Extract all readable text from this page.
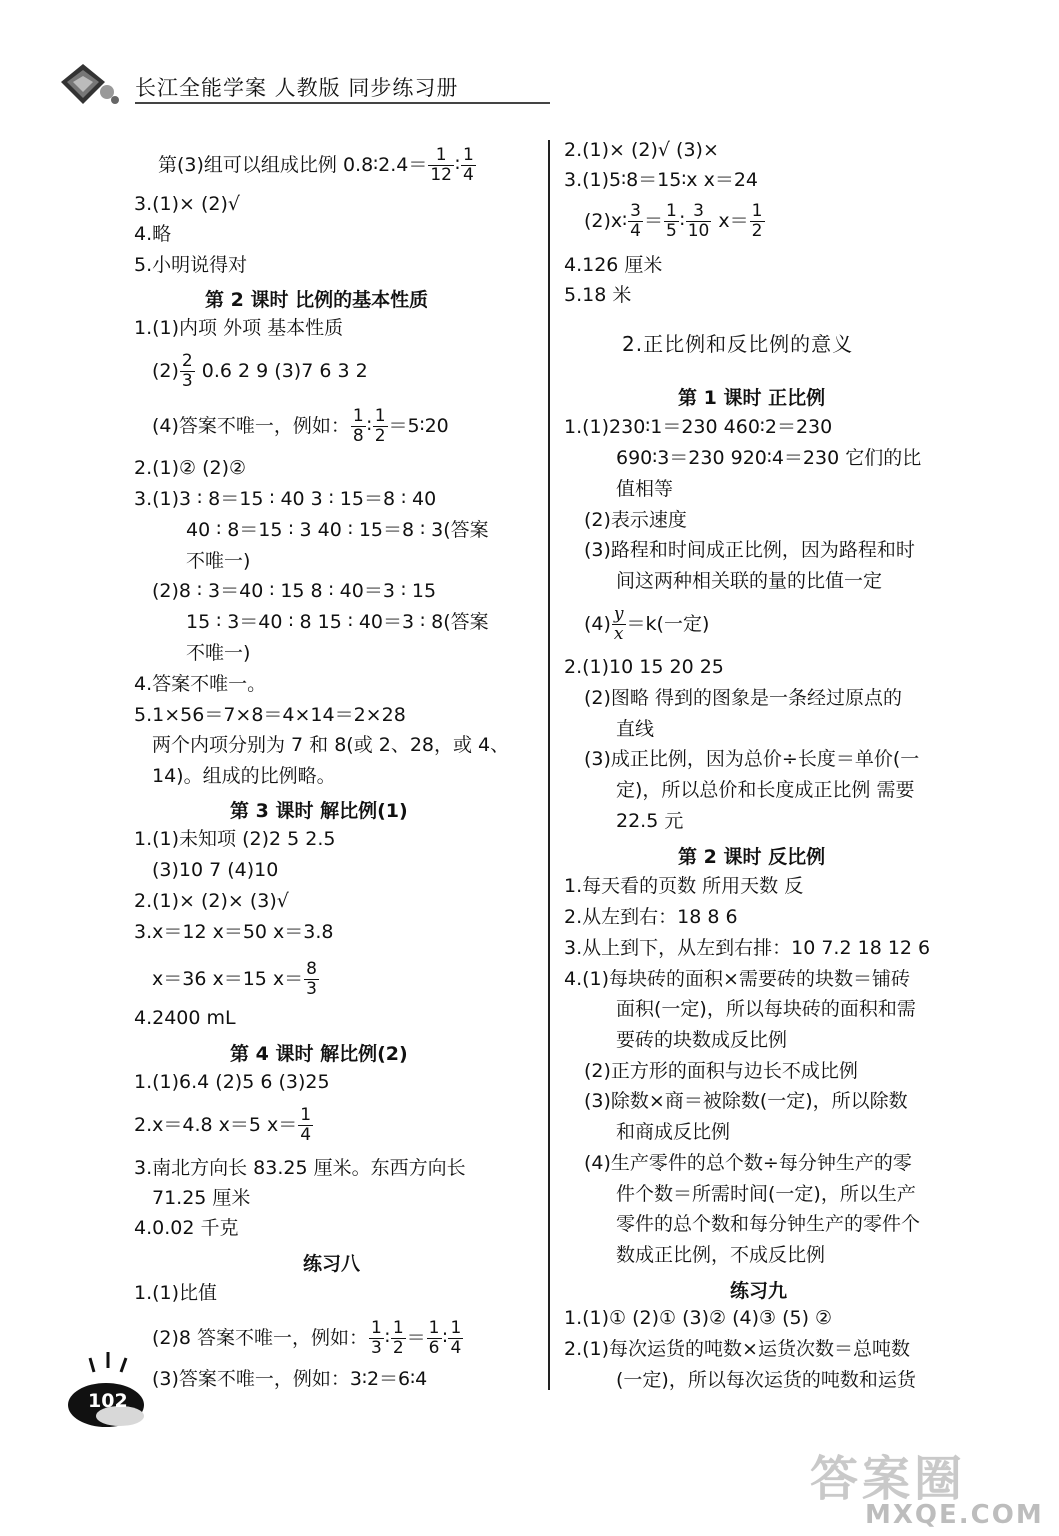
长江全能学案 人教版 同步练习册
第(3)组可以组成比例 0.8∶2.4＝ $\frac{1}{12}$ ∶ $\frac{1}{4}$
3.(1)× (2)√
4.略
5.小明说得对
第 2 课时 比例的基本性质
1.(1)内项 外项 基本性质
$(2) \frac{2}{3} 0.6$ 2 9 (3)7 6 3 2
(4)答案不唯一，例如： $\frac{1}{8}$ ∶ $\frac{1}{2}$ ＝5∶20
2.(1)② (2)②
3.(1)3 ∶ 8＝15 ∶ 40 3 ∶ 15＝8 ∶ 40
40 ∶ 8＝15 ∶ 3 40 ∶ 15＝8 ∶ 3(答案
不唯一)
(2)8 ∶ 3＝40 ∶ 15 8 ∶ 40＝3 ∶ 15
15 ∶ 3＝40 ∶ 8 15 ∶ 40＝3 ∶ 8(答案
不唯一)
4.答案不唯一。
5.1×56＝7×8＝4×14＝2×28
两个内项分别为 7 和 8(或 2、28，或 4、
14)。组成的比例略。
第 3 课时 解比例(1)
1.(1)未知项 (2)2 5 2.5
(3)10 7 (4)10
2.(1)× (2)× (3)√
3.x＝12 x＝50 x＝3.8
x＝36 x＝15 $x= \frac{8}{3}$
4.2400 mL
第 4 课时 解比例(2)
1.(1)6.4 (2)5 6 (3)25
2.x＝4.8 x＝5 $x= \frac{1}{4}$
3.南北方向长 83.25 厘米。东西方向长
71.25 厘米
4.0.02 千克
练习八
1.(1)比值
(2)8 答案不唯一，例如： $\frac{1}{3}$ ∶ $\frac{1}{2} = \frac{1}{6}$ ∶ $\frac{1}{4}$
(3)答案不唯一，例如：3∶2＝6∶4
2.(1)× (2)√ (3)×
3.(1)5∶8＝15∶x x＝24
(2)x∶ $\frac{3}{4} = \frac{1}{5}$ ∶ $\frac{3}{10} x= \frac{1}{2}$
4.126 厘米
5.18 米
2.正比例和反比例的意义
第 1 课时 正比例
1.(1)230∶1＝230 460∶2＝230
690∶3＝230 920∶4＝230 它们的比
值相等
(2)表示速度
(3)路程和时间成正比例，因为路程和时
间这两种相关联的量的比值一定
$(4) \frac{y}{x} =k$(一定)
2.(1)10 15 20 25
(2)图略 得到的图象是一条经过原点的
直线
(3)成正比例，因为总价÷长度＝单价(一
定)，所以总价和长度成正比例 需要
22.5 元
第 2 课时 反比例
1.每天看的页数 所用天数 反
2.从左到右：18 8 6
3.从上到下，从左到右排：10 7.2 18 12 6
4.(1)每块砖的面积×需要砖的块数＝铺砖
面积(一定)，所以每块砖的面积和需
要砖的块数成反比例
(2)正方形的面积与边长不成比例
(3)除数×商＝被除数(一定)，所以除数
和商成反比例
(4)生产零件的总个数÷每分钟生产的零
件个数＝所需时间(一定)，所以生产
零件的总个数和每分钟生产的零件个
数成正比例，不成反比例
练习九
1.(1)① (2)① (3)② (4)③ (5) ②
2.(1)每次运货的吨数×运货次数＝总吨数
(一定)，所以每次运货的吨数和运货
102
答案圈
MXQE.COM
